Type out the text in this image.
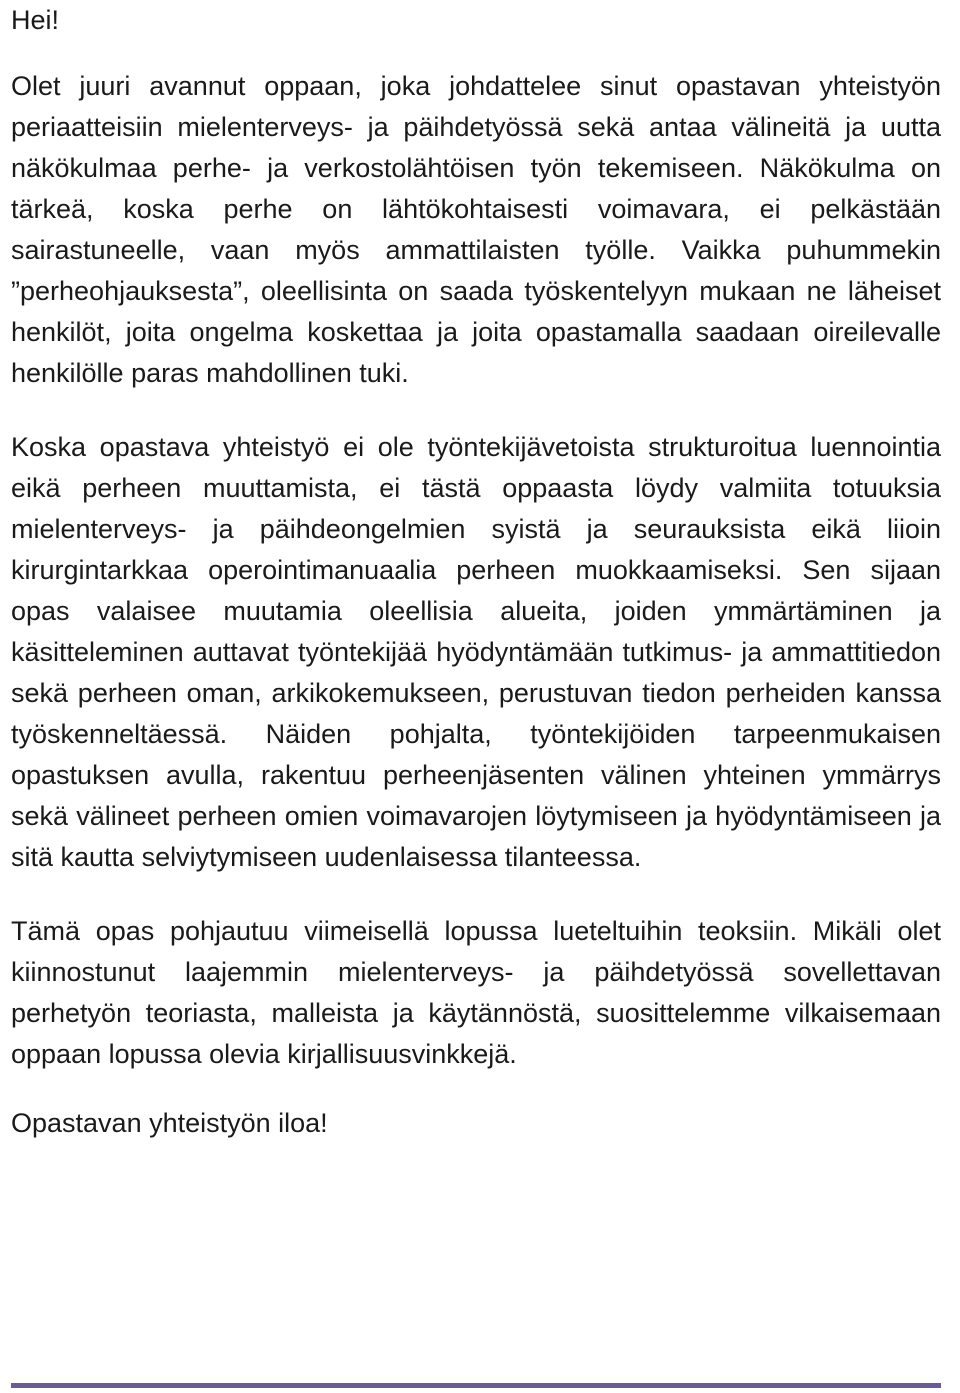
Hei!

Olet juuri avannut oppaan, joka johdattelee sinut opastavan yhteistyön periaatteisiin mielenterveys- ja päihdetyössä sekä antaa välineitä ja uutta näkökulmaa perhe- ja verkostolähtöisen työn tekemiseen. Näkökulma on tärkeä, koska perhe on lähtökohtaisesti voimavara, ei pelkästään sairastuneelle, vaan myös ammattilaisten työlle. Vaikka puhummekin ”perheohjauksesta”, oleellisinta on saada työskentelyyn mukaan ne läheiset henkilöt, joita ongelma koskettaa ja joita opastamalla saadaan oireilevalle henkilölle paras mahdollinen tuki.

Koska opastava yhteistyö ei ole työntekijävetoista strukturoitua luennointia eikä perheen muuttamista, ei tästä oppaasta löydy valmiita totuuksia mielenterveys- ja päihdeongelmien syistä ja seurauksista eikä liioin kirurgintarkkaa operointimanuaalia perheen muokkaamiseksi. Sen sijaan opas valaisee muutamia oleellisia alueita, joiden ymmärtäminen ja käsitteleminen auttavat työntekijää hyödyntämään tutkimus- ja ammattitiedon sekä perheen oman, arkikokemukseen, perustuvan tiedon perheiden kanssa työskenneltäessä. Näiden pohjalta, työntekijöiden tarpeenmukaisen opastuksen avulla, rakentuu perheenjäsenten välinen yhteinen ymmärrys sekä välineet perheen omien voimavarojen löytymiseen ja hyödyntämiseen ja sitä kautta selviytymiseen uudenlaisessa tilanteessa.

Tämä opas pohjautuu viimeisellä lopussa lueteltuihin teoksiin. Mikäli olet kiinnostunut laajemmin mielenterveys- ja päihdetyössä sovellettavan perhetyön teoriasta, malleista ja käytännöstä, suosittelemme vilkaisemaan oppaan lopussa olevia kirjallisuusvinkkejä.

Opastavan yhteistyön iloa!
